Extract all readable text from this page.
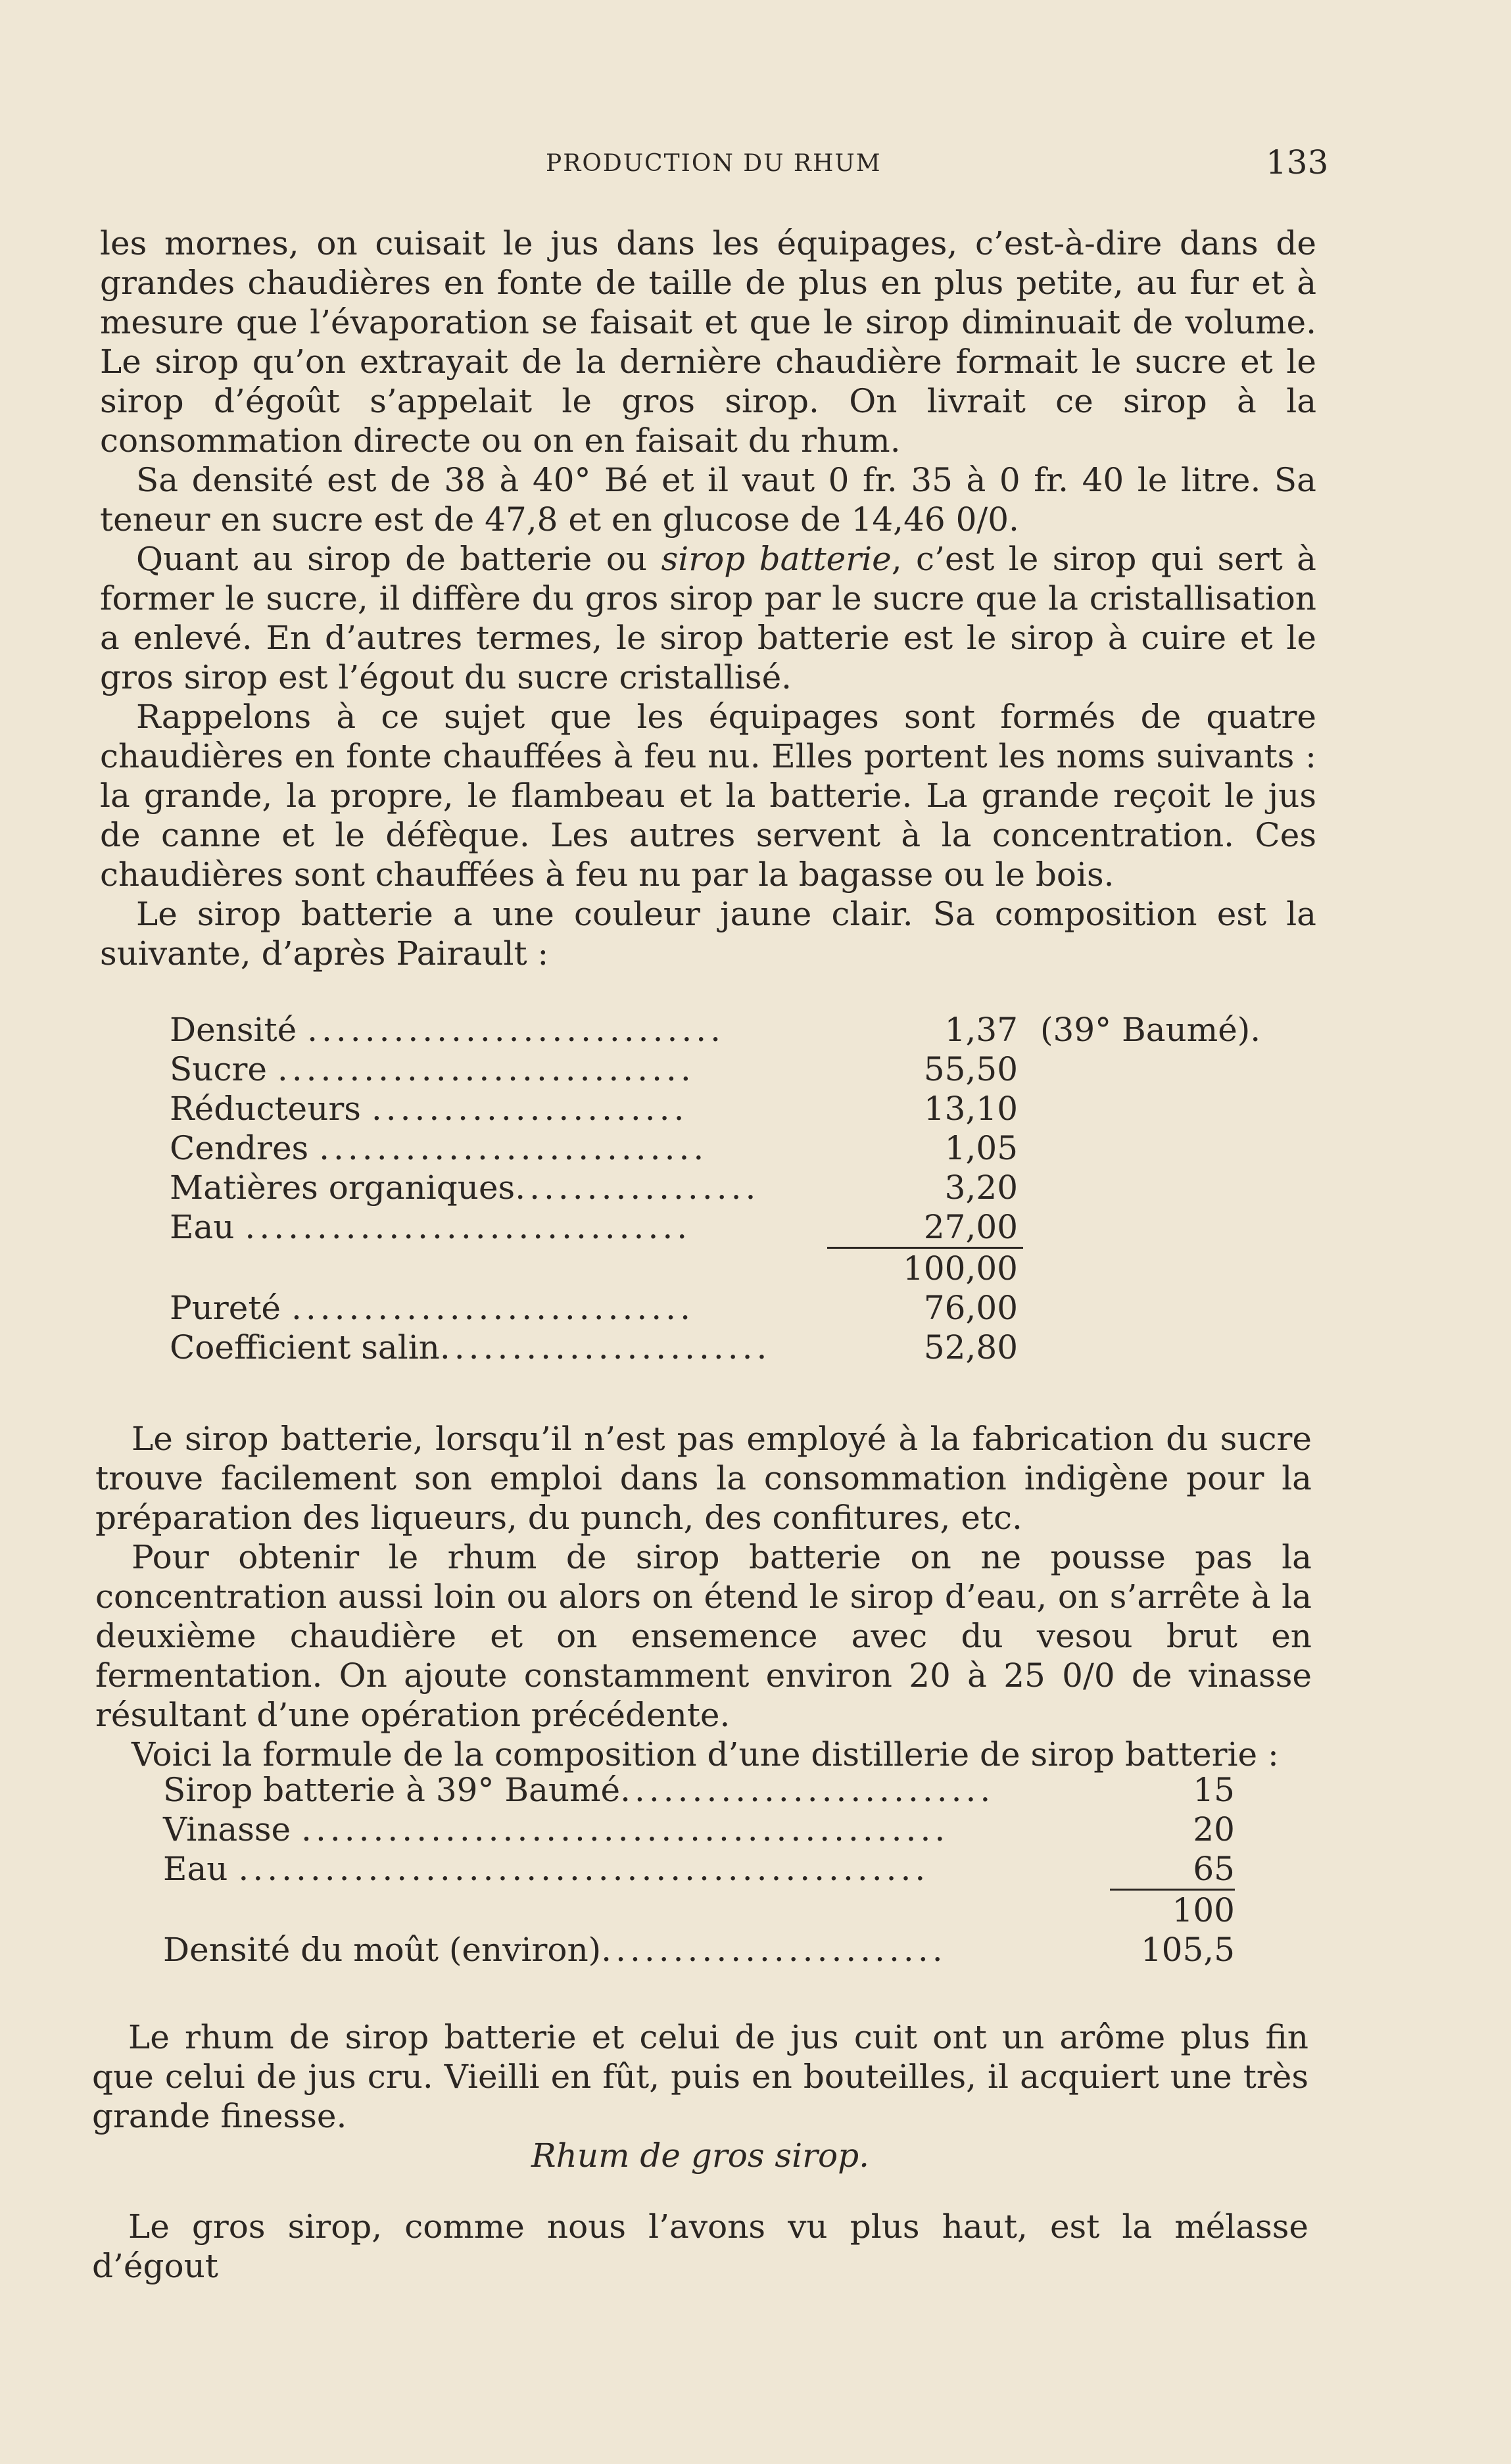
PRODUCTION DU RHUM	133

les mornes, on cuisait le jus dans les équipages, c’est-à-dire dans de grandes chaudières en fonte de taille de plus en plus petite, au fur et à mesure que l’évaporation se faisait et que le sirop diminuait de volume. Le sirop qu’on extrayait de la dernière chaudière formait le sucre et le sirop d’égoût s’appelait le gros sirop. On livrait ce sirop à la consommation directe ou on en faisait du rhum.

Sa densité est de 38 à 40° Bé et il vaut 0 fr. 35 à 0 fr. 40 le litre. Sa teneur en sucre est de 47,8 et en glucose de 14,46 0/0.

Quant au sirop de batterie ou sirop batterie, c’est le sirop qui sert à former le sucre, il diffère du gros sirop par le sucre que la cristallisation a enlevé. En d’autres termes, le sirop batterie est le sirop à cuire et le gros sirop est l’égout du sucre cristallisé.

Rappelons à ce sujet que les équipages sont formés de quatre chaudières en fonte chauffées à feu nu. Elles portent les noms suivants : la grande, la propre, le flambeau et la batterie. La grande reçoit le jus de canne et le défèque. Les autres servent à la concentration. Ces chaudières sont chauffées à feu nu par la bagasse ou le bois.

Le sirop batterie a une couleur jaune clair. Sa composition est la suivante, d’après Pairault :

Densité .............................	1,37	(39° Baumé).
Sucre .............................	55,50	
Réducteurs ......................	13,10	
Cendres ...........................	1,05	
Matières organiques.................	3,20	
Eau ...............................	27,00	
	100,00	
Pureté ............................	76,00	
Coefficient salin.......................	52,80	

Le sirop batterie, lorsqu’il n’est pas employé à la fabrication du sucre trouve facilement son emploi dans la consommation indigène pour la préparation des liqueurs, du punch, des confitures, etc.

Pour obtenir le rhum de sirop batterie on ne pousse pas la concentration aussi loin ou alors on étend le sirop d’eau, on s’arrête à la deuxième chaudière et on ensemence avec du vesou brut en fermentation. On ajoute constamment environ 20 à 25 0/0 de vinasse résultant d’une opération précédente.

Voici la formule de la composition d’une distillerie de sirop batterie :

Sirop batterie à 39° Baumé..........................	15
Vinasse .............................................	20
Eau ................................................	65
	100
Densité du moût (environ)........................	105,5

Le rhum de sirop batterie et celui de jus cuit ont un arôme plus fin que celui de jus cru. Vieilli en fût, puis en bouteilles, il acquiert une très grande finesse.

Rhum de gros sirop.

Le gros sirop, comme nous l’avons vu plus haut, est la mélasse d’égout
